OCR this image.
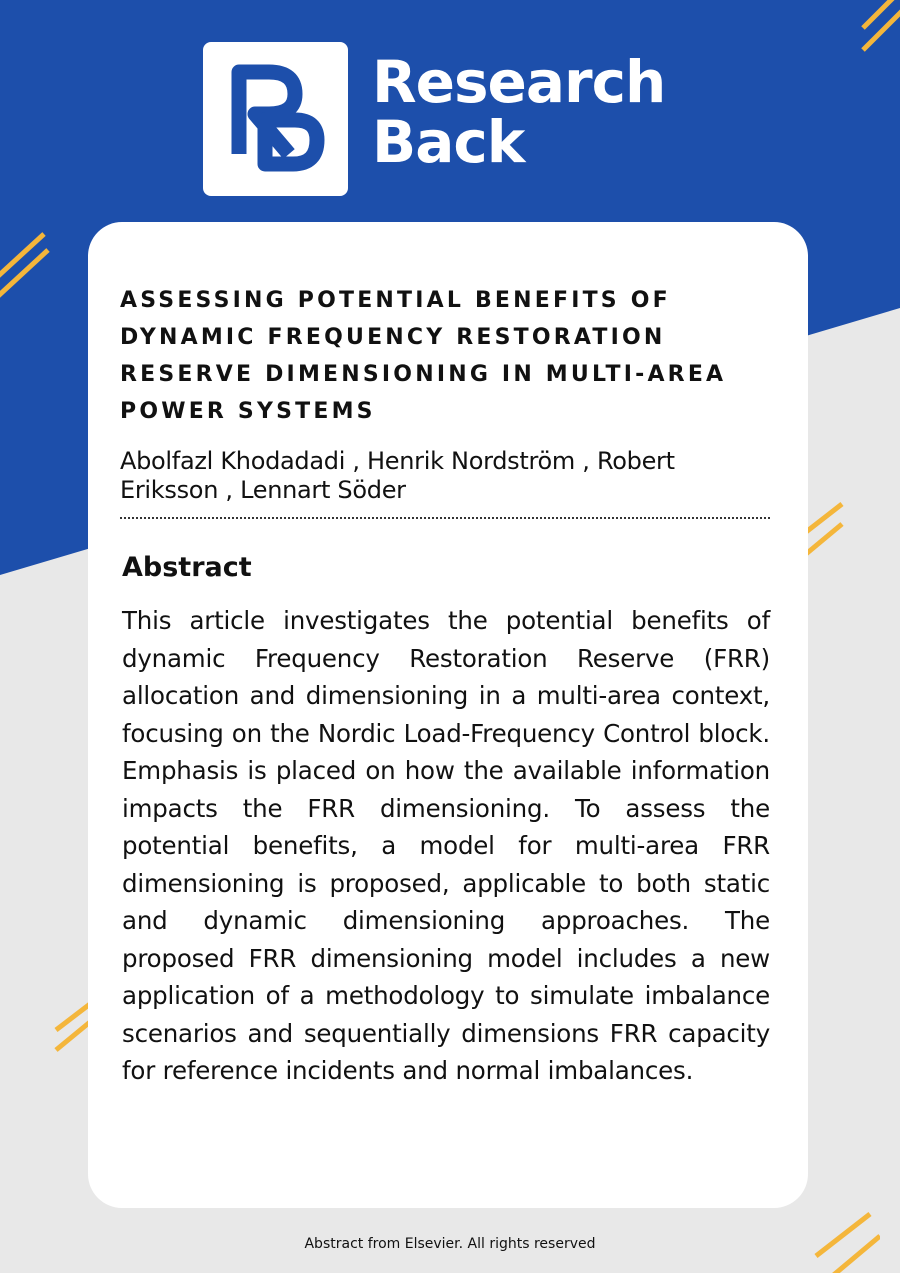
Research
Back
ASSESSING POTENTIAL BENEFITS OF DYNAMIC FREQUENCY RESTORATION RESERVE DIMENSIONING IN MULTI-AREA POWER SYSTEMS
Abolfazl Khodadadi , Henrik Nordström , Robert Eriksson , Lennart Söder
Abstract

This article investigates the potential benefits of dynamic Frequency Restoration Reserve (FRR) allocation and dimensioning in a multi-area context, focusing on the Nordic Load-Frequency Control block. Emphasis is placed on how the available information impacts the FRR dimensioning. To assess the potential benefits, a model for multi-area FRR dimensioning is proposed, applicable to both static and dynamic dimensioning approaches. The proposed FRR dimensioning model includes a new application of a methodology to simulate imbalance scenarios and sequentially dimensions FRR capacity for reference incidents and normal imbalances.

Abstract from Elsevier. All rights reserved
